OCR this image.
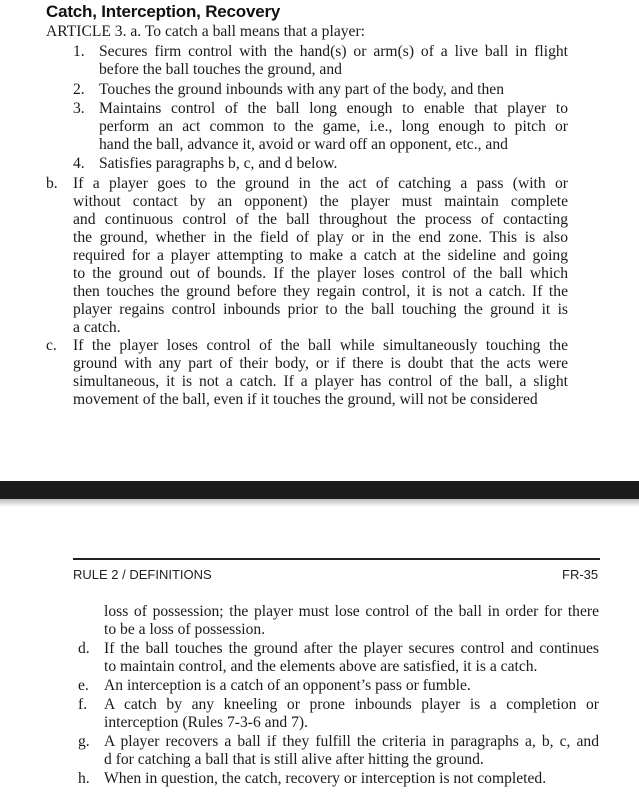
Catch, Interception, Recovery
ARTICLE 3. a. To catch a ball means that a player:
1. Secures firm control with the hand(s) or arm(s) of a live ball in flight
before the ball touches the ground, and
2. Touches the ground inbounds with any part of the body, and then
3. Maintains control of the ball long enough to enable that player to
perform an act common to the game, i.e., long enough to pitch or
hand the ball, advance it, avoid or ward off an opponent, etc., and
4. Satisfies paragraphs b, c, and d below.
b. If a player goes to the ground in the act of catching a pass (with or
without contact by an opponent) the player must maintain complete
and continuous control of the ball throughout the process of contacting
the ground, whether in the field of play or in the end zone. This is also
required for a player attempting to make a catch at the sideline and going
to the ground out of bounds. If the player loses control of the ball which
then touches the ground before they regain control, it is not a catch. If the
player regains control inbounds prior to the ball touching the ground it is
a catch.
c. If the player loses control of the ball while simultaneously touching the
ground with any part of their body, or if there is doubt that the acts were
simultaneous, it is not a catch. If a player has control of the ball, a slight
movement of the ball, even if it touches the ground, will not be considered
RULE 2 / DEFINITIONS	FR-35
loss of possession; the player must lose control of the ball in order for there
to be a loss of possession.
d. If the ball touches the ground after the player secures control and continues
to maintain control, and the elements above are satisfied, it is a catch.
e. An interception is a catch of an opponent’s pass or fumble.
f. A catch by any kneeling or prone inbounds player is a completion or
interception (Rules 7-3-6 and 7).
g. A player recovers a ball if they fulfill the criteria in paragraphs a, b, c, and
d for catching a ball that is still alive after hitting the ground.
h. When in question, the catch, recovery or interception is not completed.
